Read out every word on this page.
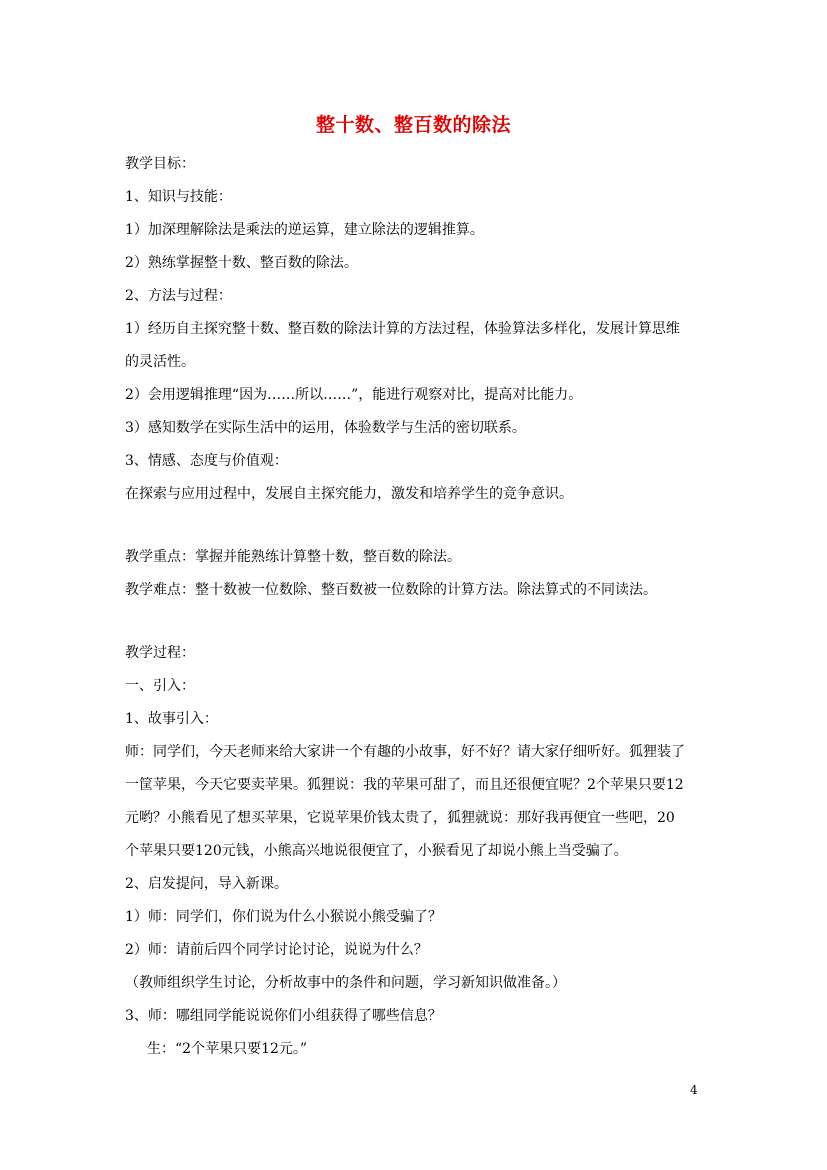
整十数、整百数的除法

教学目标：

1、知识与技能：

1）加深理解除法是乘法的逆运算，建立除法的逻辑推算。

2）熟练掌握整十数、整百数的除法。

2、方法与过程：

1）经历自主探究整十数、整百数的除法计算的方法过程，体验算法多样化，发展计算思维

的灵活性。

2）会用逻辑推理“因为……所以……”，能进行观察对比，提高对比能力。

3）感知数学在实际生活中的运用，体验数学与生活的密切联系。

3、情感、态度与价值观：

在探索与应用过程中，发展自主探究能力，激发和培养学生的竞争意识。

教学重点：掌握并能熟练计算整十数，整百数的除法。

教学难点：整十数被一位数除、整百数被一位数除的计算方法。除法算式的不同读法。

教学过程：

一、引入：

1、故事引入：

师：同学们，今天老师来给大家讲一个有趣的小故事，好不好？请大家仔细听好。狐狸装了

一筐苹果，今天它要卖苹果。狐狸说：我的苹果可甜了，而且还很便宜呢？2个苹果只要12

元哟？小熊看见了想买苹果，它说苹果价钱太贵了，狐狸就说：那好我再便宜一些吧，20

个苹果只要120元钱，小熊高兴地说很便宜了，小猴看见了却说小熊上当受骗了。

2、启发提问，导入新课。

1）师：同学们，你们说为什么小猴说小熊受骗了？

2）师：请前后四个同学讨论讨论，说说为什么？

（教师组织学生讨论，分析故事中的条件和问题，学习新知识做准备。）

3、师：哪组同学能说说你们小组获得了哪些信息？

生：“2个苹果只要12元。”

4
